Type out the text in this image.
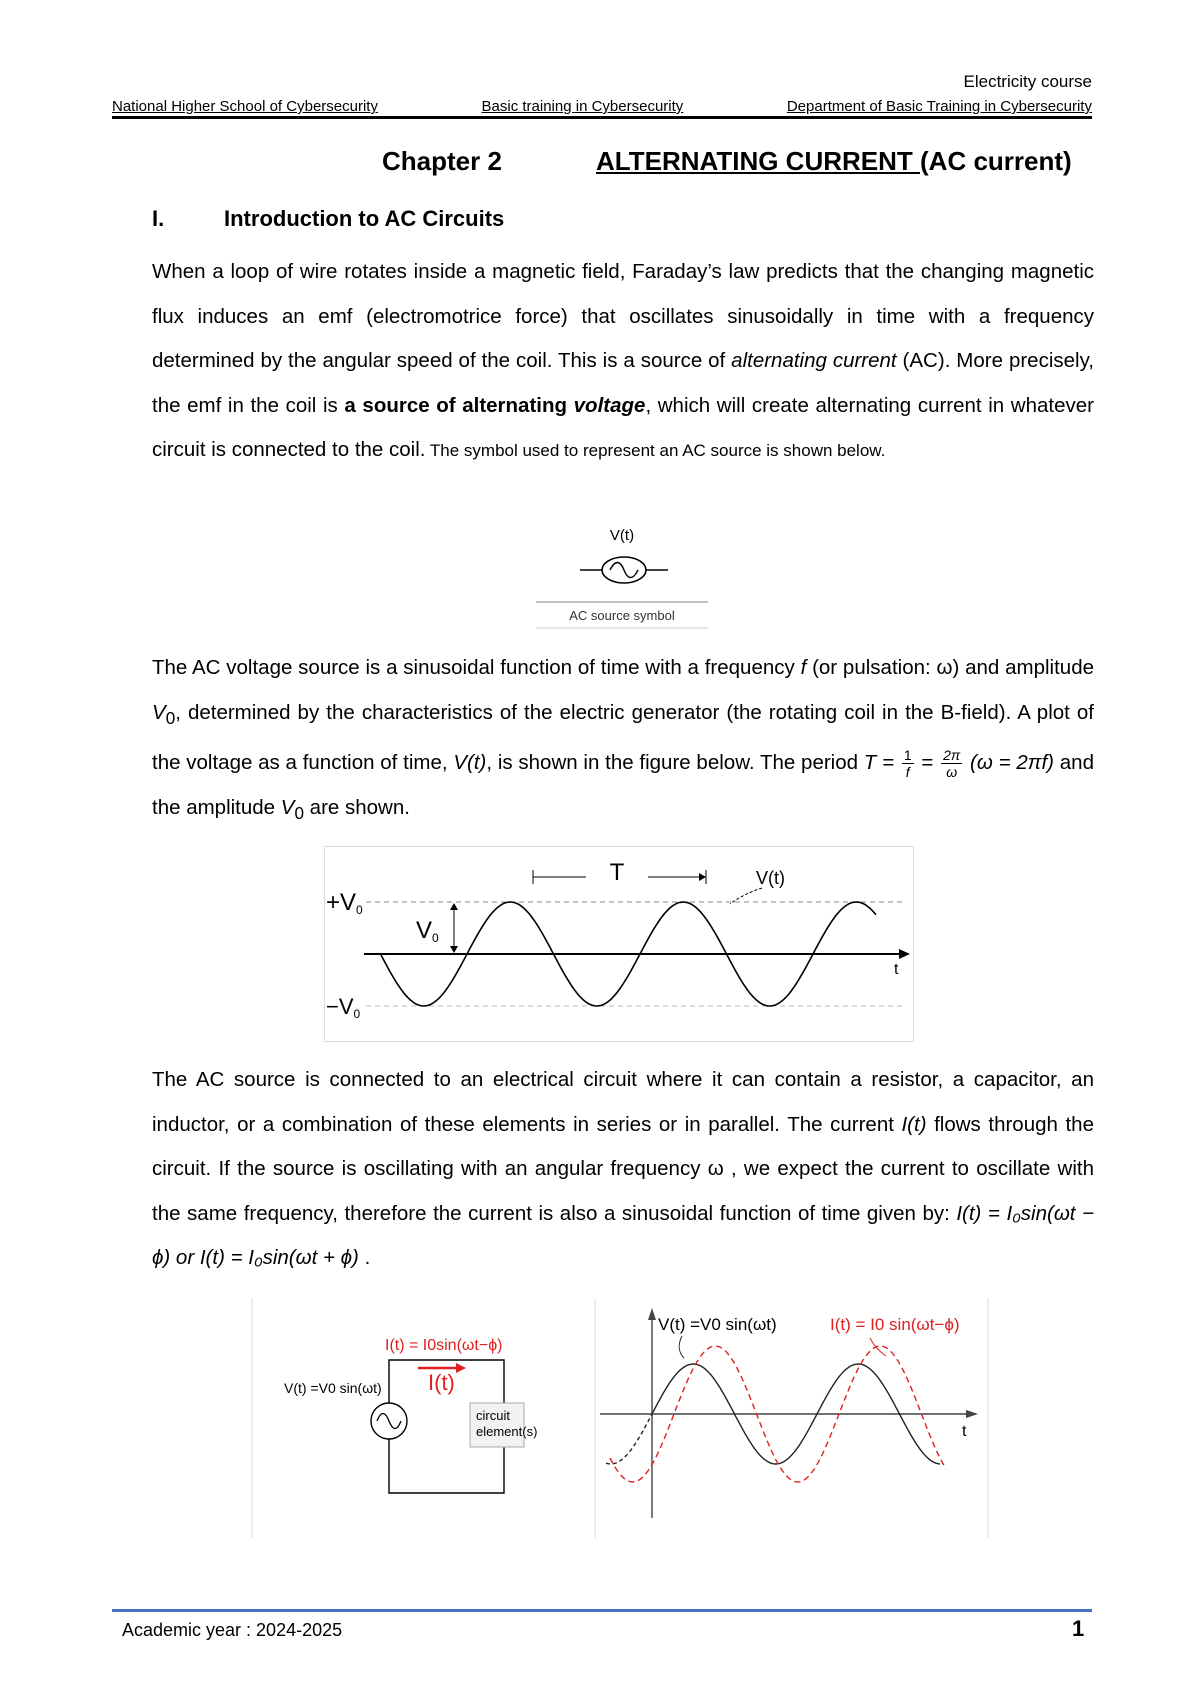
Electricity course
National Higher School of Cybersecurity	Basic training in Cybersecurity	Department of Basic Training in Cybersecurity
Chapter 2	ALTERNATING CURRENT (AC current)
I.	Introduction to AC Circuits
When a loop of wire rotates inside a magnetic field, Faraday’s law predicts that the changing magnetic flux induces an emf (electromotrice force) that oscillates sinusoidally in time with a frequency determined by the angular speed of the coil. This is a source of alternating current (AC). More precisely, the emf in the coil is a source of alternating voltage, which will create alternating current in whatever circuit is connected to the coil. The symbol used to represent an AC source is shown below.
V(t)
AC source symbol
The AC voltage source is a sinusoidal function of time with a frequency f (or pulsation: ω) and amplitude $V_0$, determined by the characteristics of the electric generator (the rotating coil in the B-field). A plot of the voltage as a function of time, V(t), is shown in the figure below. The period $T = \frac{1}{f} = \frac{2\pi}{\omega} (\omega = 2\pi f)$ and the amplitude $V_0$ are shown.
+V0
−V0
V0
T	V(t)
t
The AC source is connected to an electrical circuit where it can contain a resistor, a capacitor, an inductor, or a combination of these elements in series or in parallel. The current I(t) flows through the circuit. If the source is oscillating with an angular frequency ω , we expect the current to oscillate with the same frequency, therefore the current is also a sinusoidal function of time given by: I(t) = I₀sin(ωt − ϕ) or I(t) = I₀sin(ωt + ϕ) .
circuit
element(s)
V(t) =V0 sin(ωt)
I(t) = I0sin(ωt−ϕ)
I(t)
V(t) =V0 sin(ωt)	I(t) = I0 sin(ωt−ϕ)
t
Academic year : 2024-2025	1
